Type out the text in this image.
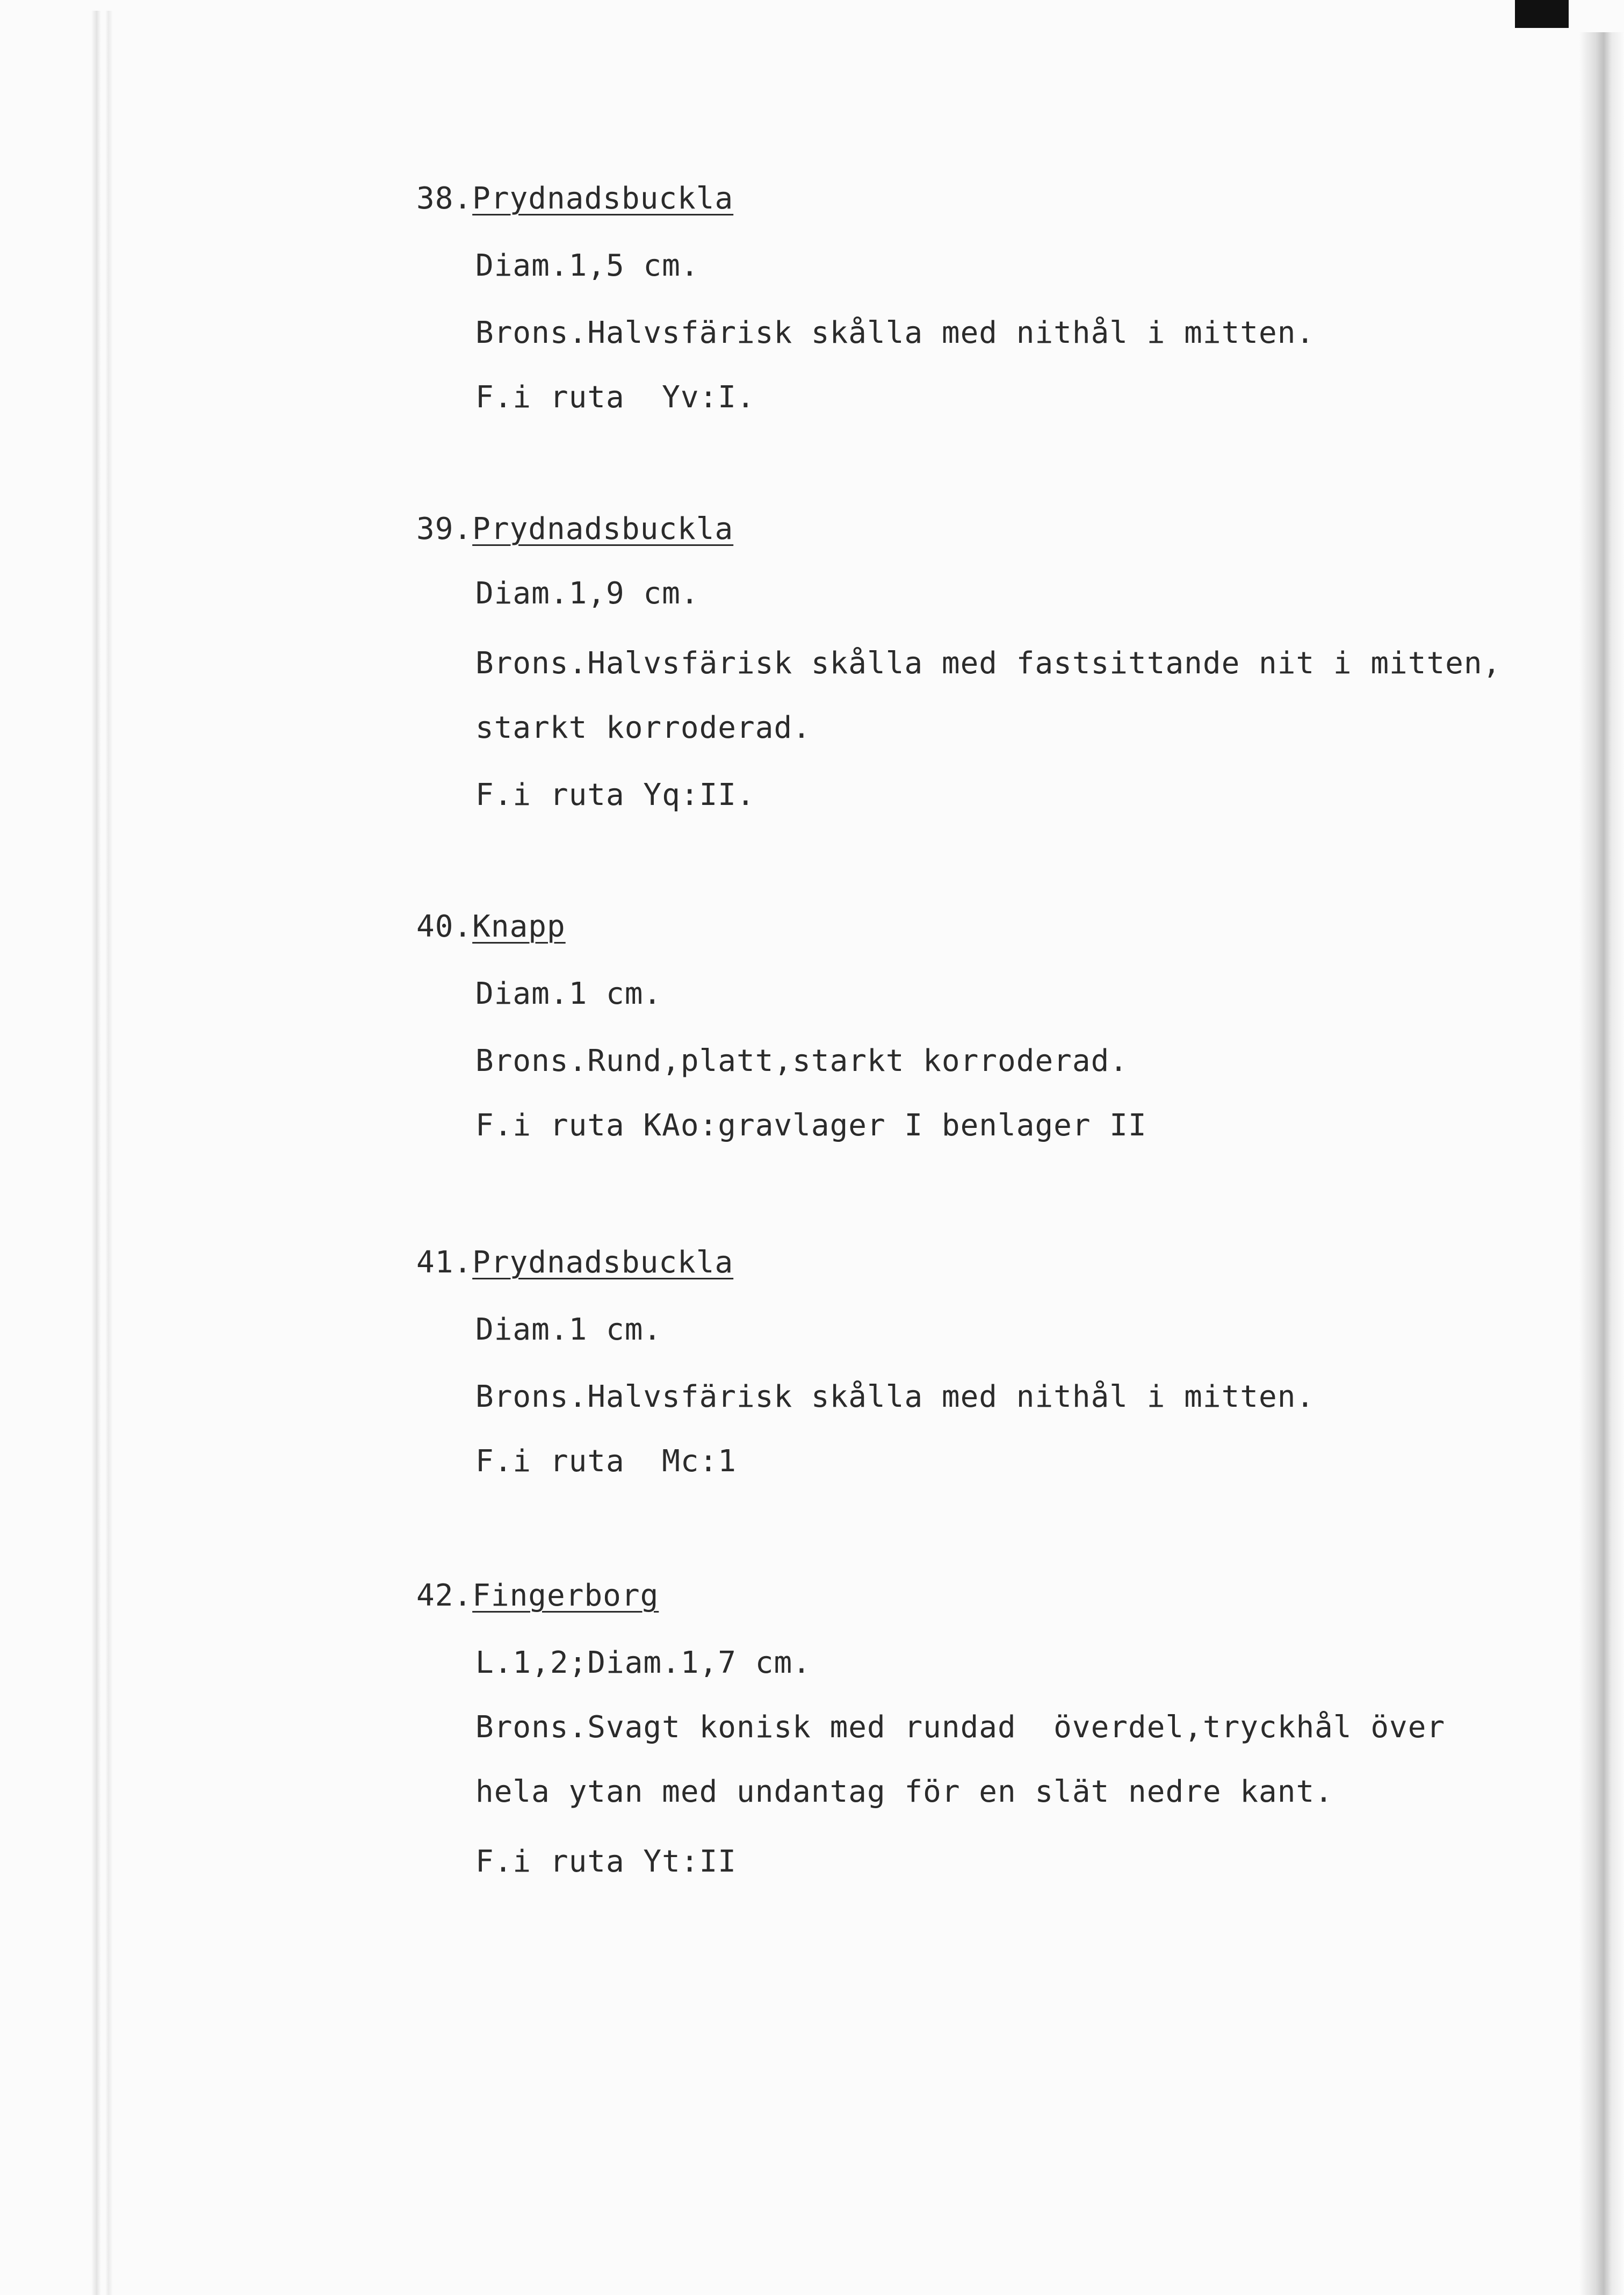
38.Prydnadsbuckla
Diam.1,5 cm.
Brons.Halvsfärisk skålla med nithål i mitten.
F.i ruta  Yv:I.
39.Prydnadsbuckla
Diam.1,9 cm.
Brons.Halvsfärisk skålla med fastsittande nit i mitten,
starkt korroderad.
F.i ruta Yq:II.
40.Knapp
Diam.1 cm.
Brons.Rund,platt,starkt korroderad.
F.i ruta KAo:gravlager I benlager II
41.Prydnadsbuckla
Diam.1 cm.
Brons.Halvsfärisk skålla med nithål i mitten.
F.i ruta  Mc:1
42.Fingerborg
L.1,2;Diam.1,7 cm.
Brons.Svagt konisk med rundad  överdel,tryckhål över
hela ytan med undantag för en slät nedre kant.
F.i ruta Yt:II
